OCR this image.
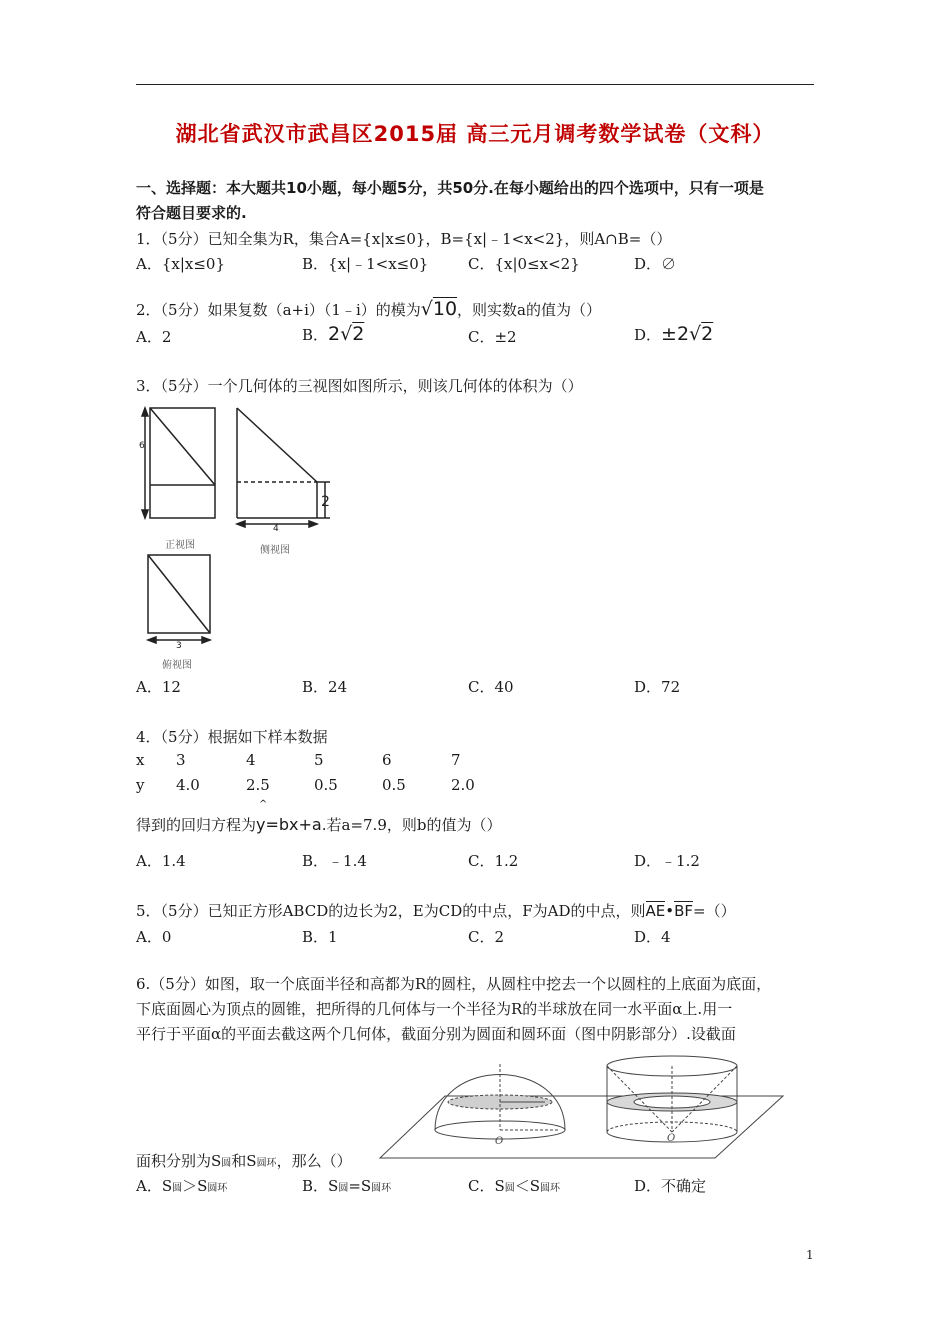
湖北省武汉市武昌区2015届 高三元月调考数学试卷（文科）
一、选择题：本大题共10小题，每小题5分，共50分.在每小题给出的四个选项中，只有一项是
符合题目要求的.
1．（5分）已知全集为R，集合A={x|x≤0}，B={x|﹣1<x<2}，则A∩B=（）
A．{x|x≤0}	B．{x|﹣1<x≤0}	C．{x|0≤x<2}	D．∅
2．（5分）如果复数（a+i）（1﹣i）的模为√10，则实数a的值为（）
A．2	B．2√2	C．±2	D．±2√2
3．（5分）一个几何体的三视图如图所示，则该几何体的体积为（）
6
4
2
3
正视图	侧视图
俯视图
A．12	B．24	C．40	D．72
4．（5分）根据如下样本数据
x 3	4	5	6	7
y 4.0	2.5	0.5	0.5	2.0
得到的回归方程为
^
y=bx+a.若a=7.9，则b的值为（）
A．1.4	B．﹣1.4	C．1.2	D．﹣1.2
5．（5分）已知正方形ABCD的边长为2，E为CD的中点，F为AD的中点，则AE•BF=（）
A．0	B．1	C．2	D．4
6.（5分）如图，取一个底面半径和高都为R的圆柱，从圆柱中挖去一个以圆柱的上底面为底面，
下底面圆心为顶点的圆锥，把所得的几何体与一个半径为R的半球放在同一水平面α上.用一
平行于平面α的平面去截这两个几何体，截面分别为圆面和圆环面（图中阴影部分）.设截面
O	O
面积分别为S圆和S圆环，那么（）
A．S圆＞S圆环	B．S圆=S圆环	C．S圆＜S圆环	D．不确定
1
